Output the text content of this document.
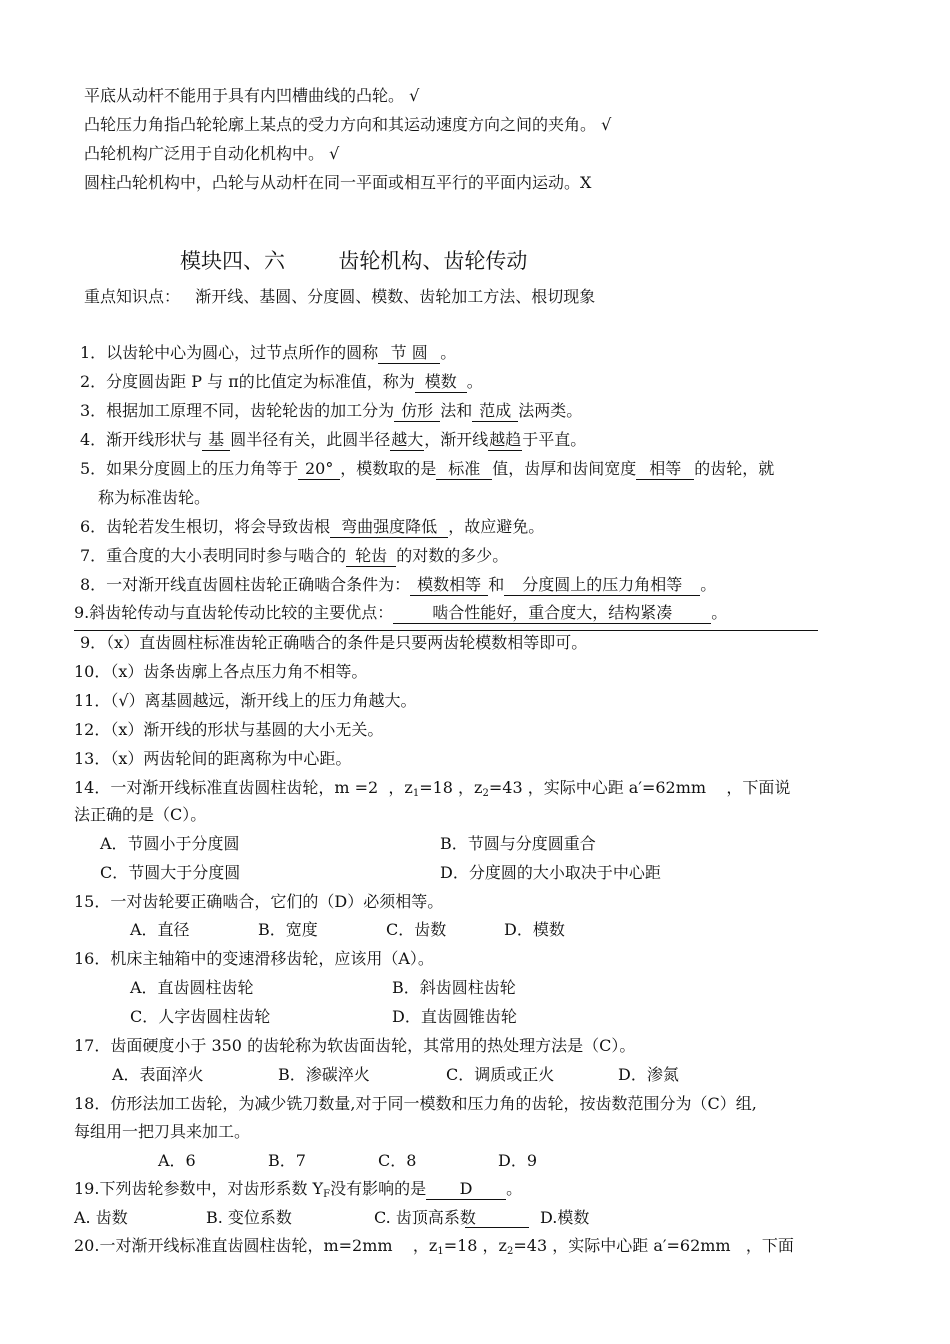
平底从动杆不能用于具有内凹槽曲线的凸轮。 √
凸轮压力角指凸轮轮廓上某点的受力方向和其运动速度方向之间的夹角。 √
凸轮机构广泛用于自动化机构中。 √
圆柱凸轮机构中，凸轮与从动杆在同一平面或相互平行的平面内运动。X
模块四、六        齿轮机构、齿轮传动
重点知识点： 渐开线、基圆、分度圆、模数、齿轮加工方法、根切现象
1．以齿轮中心为圆心，过节点所作的圆称 节 圆 。
2．分度圆齿距 P 与 π的比值定为标准值，称为 模数 。
3．根据加工原理不同，齿轮轮齿的加工分为 仿形 法和 范成 法两类。
4．渐开线形状与 基 圆半径有关，此圆半径越大，渐开线越趋于平直。
5．如果分度圆上的压力角等于 20° ，模数取的是 标准 值，齿厚和齿间宽度 相等 的齿轮，就
称为标准齿轮。
6．齿轮若发生根切，将会导致齿根 弯曲强度降低 ，故应避免。
7．重合度的大小表明同时参与啮合的 轮齿 的对数的多少。
8．一对渐开线直齿圆柱齿轮正确啮合条件为： 模数相等 和 分度圆上的压力角相等 。
9.斜齿轮传动与直齿轮传动比较的主要优点： 啮合性能好，重合度大，结构紧凑 。
9．（x）直齿圆柱标准齿轮正确啮合的条件是只要两齿轮模数相等即可。
10．（x）齿条齿廓上各点压力角不相等。
11．（√）离基圆越远，渐开线上的压力角越大。
12．（x）渐开线的形状与基圆的大小无关。
13．（x）两齿轮间的距离称为中心距。
14．一对渐开线标准直齿圆柱齿轮，m =2  ，$z_1=18$ ，$z_2=43$ ，实际中心距 a′=62mm    ，下面说
法正确的是（C）。
A．节圆小于分度圆	B．节圆与分度圆重合
C．节圆大于分度圆	D．分度圆的大小取决于中心距
15．一对齿轮要正确啮合，它们的（D）必须相等。
A．直径	B．宽度	C．齿数	D．模数
16．机床主轴箱中的变速滑移齿轮，应该用（A）。
A．直齿圆柱齿轮	B．斜齿圆柱齿轮
C．人字齿圆柱齿轮	D．直齿圆锥齿轮
17．齿面硬度小于 350 的齿轮称为软齿面齿轮，其常用的热处理方法是（C）。
A．表面淬火	B．渗碳淬火	C．调质或正火	D．渗氮
18．仿形法加工齿轮，为减少铣刀数量,对于同一模数和压力角的齿轮，按齿数范围分为（C）组,
每组用一把刀具来加工。
A．6	B．7	C．8	D．9
19.下列齿轮参数中，对齿形系数 $Y_F$没有影响的是 D 。
A. 齿数	B. 变位系数	C. 齿顶高系数	D.模数
20.一对渐开线标准直齿圆柱齿轮，m=2mm    ，$z_1=18$ ，$z_2=43$ ，实际中心距 a′=62mm   ，下面
